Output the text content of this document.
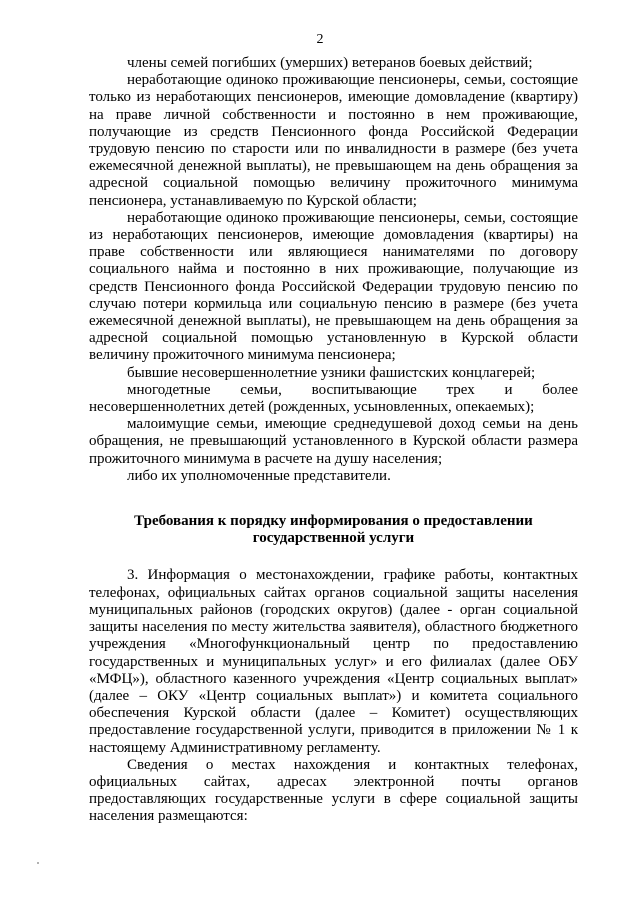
2

члены семей погибших (умерших) ветеранов боевых действий;

неработающие одиноко проживающие пенсионеры, семьи, состоящие только из неработающих пенсионеров, имеющие домовладение (квартиру) на праве личной собственности и постоянно в нем проживающие, получающие из средств Пенсионного фонда Российской Федерации трудовую пенсию по старости или по инвалидности в размере (без учета ежемесячной денежной выплаты), не превышающем на день обращения за адресной социальной помощью величину прожиточного минимума пенсионера, устанавливаемую по Курской области;

неработающие одиноко проживающие пенсионеры, семьи, состоящие из неработающих пенсионеров, имеющие домовладения (квартиры) на праве собственности или являющиеся нанимателями по договору социального найма и постоянно в них проживающие, получающие из средств Пенсионного фонда Российской Федерации трудовую пенсию по случаю потери кормильца или социальную пенсию в размере (без учета ежемесячной денежной выплаты), не превышающем на день обращения за адресной социальной помощью установленную в Курской области величину прожиточного минимума пенсионера;

бывшие несовершеннолетние узники фашистских концлагерей;

многодетные семьи, воспитывающие трех и более несовершеннолетних детей (рожденных, усыновленных, опекаемых);

малоимущие семьи, имеющие среднедушевой доход семьи на день обращения, не превышающий установленного в Курской области размера прожиточного минимума в расчете на душу населения;

либо их уполномоченные представители.

Требования к порядку информирования о предоставлении
государственной услуги

3. Информация о местонахождении, графике работы, контактных телефонах, официальных сайтах органов социальной защиты населения муниципальных районов (городских округов) (далее - орган социальной защиты населения по месту жительства заявителя), областного бюджетного учреждения «Многофункциональный центр по предоставлению государственных и муниципальных услуг» и его филиалах (далее ОБУ «МФЦ»), областного казенного учреждения «Центр социальных выплат» (далее – ОКУ «Центр социальных выплат») и комитета социального обеспечения Курской области (далее – Комитет) осуществляющих предоставление государственной услуги, приводится в приложении № 1 к настоящему Административному регламенту.

Сведения о местах нахождения и контактных телефонах, официальных сайтах, адресах электронной почты органов предоставляющих государственные услуги в сфере социальной защиты населения размещаются:
